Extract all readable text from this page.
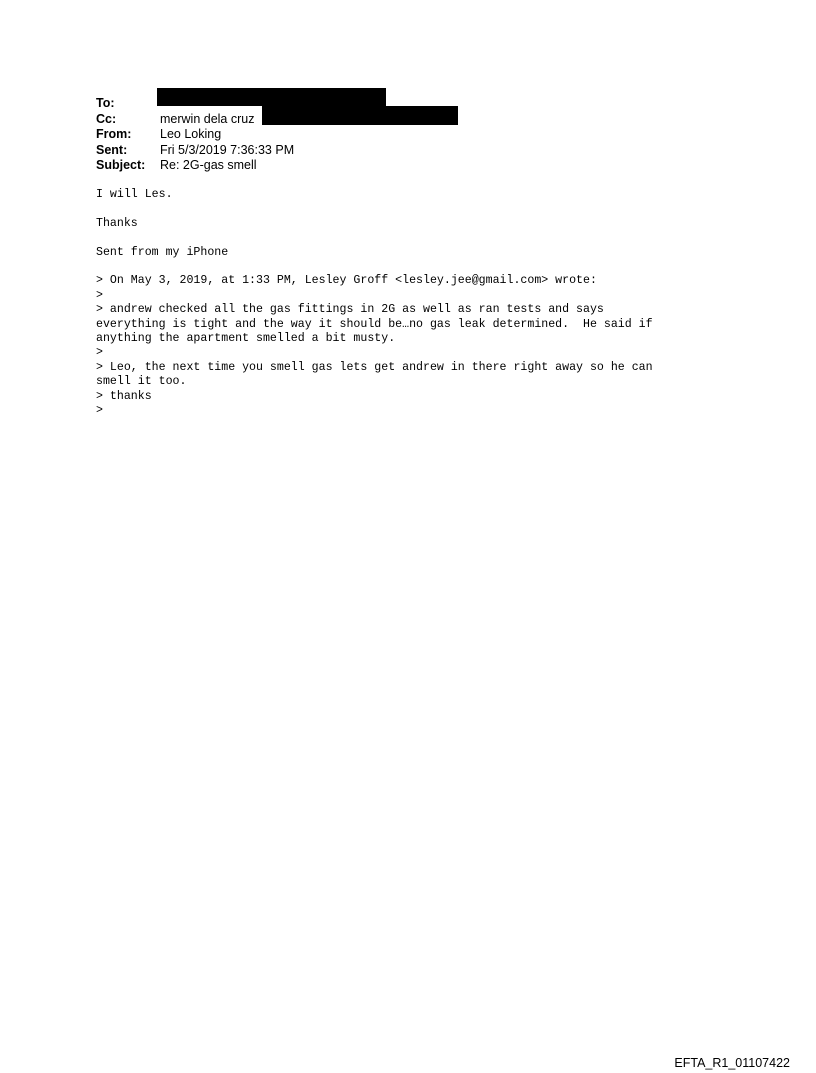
To:
Cc:	merwin dela cruz
From:	Leo Loking
Sent:	Fri 5/3/2019 7:36:33 PM
Subject:	Re: 2G-gas smell

I will Les.

Thanks

Sent from my iPhone

> On May 3, 2019, at 1:33 PM, Lesley Groff <lesley.jee@gmail.com> wrote:

>

> andrew checked all the gas fittings in 2G as well as ran tests and says

everything is tight and the way it should be…no gas leak determined.  He said if

anything the apartment smelled a bit musty.

>

> Leo, the next time you smell gas lets get andrew in there right away so he can

smell it too.

> thanks

>

EFTA_R1_01107422
